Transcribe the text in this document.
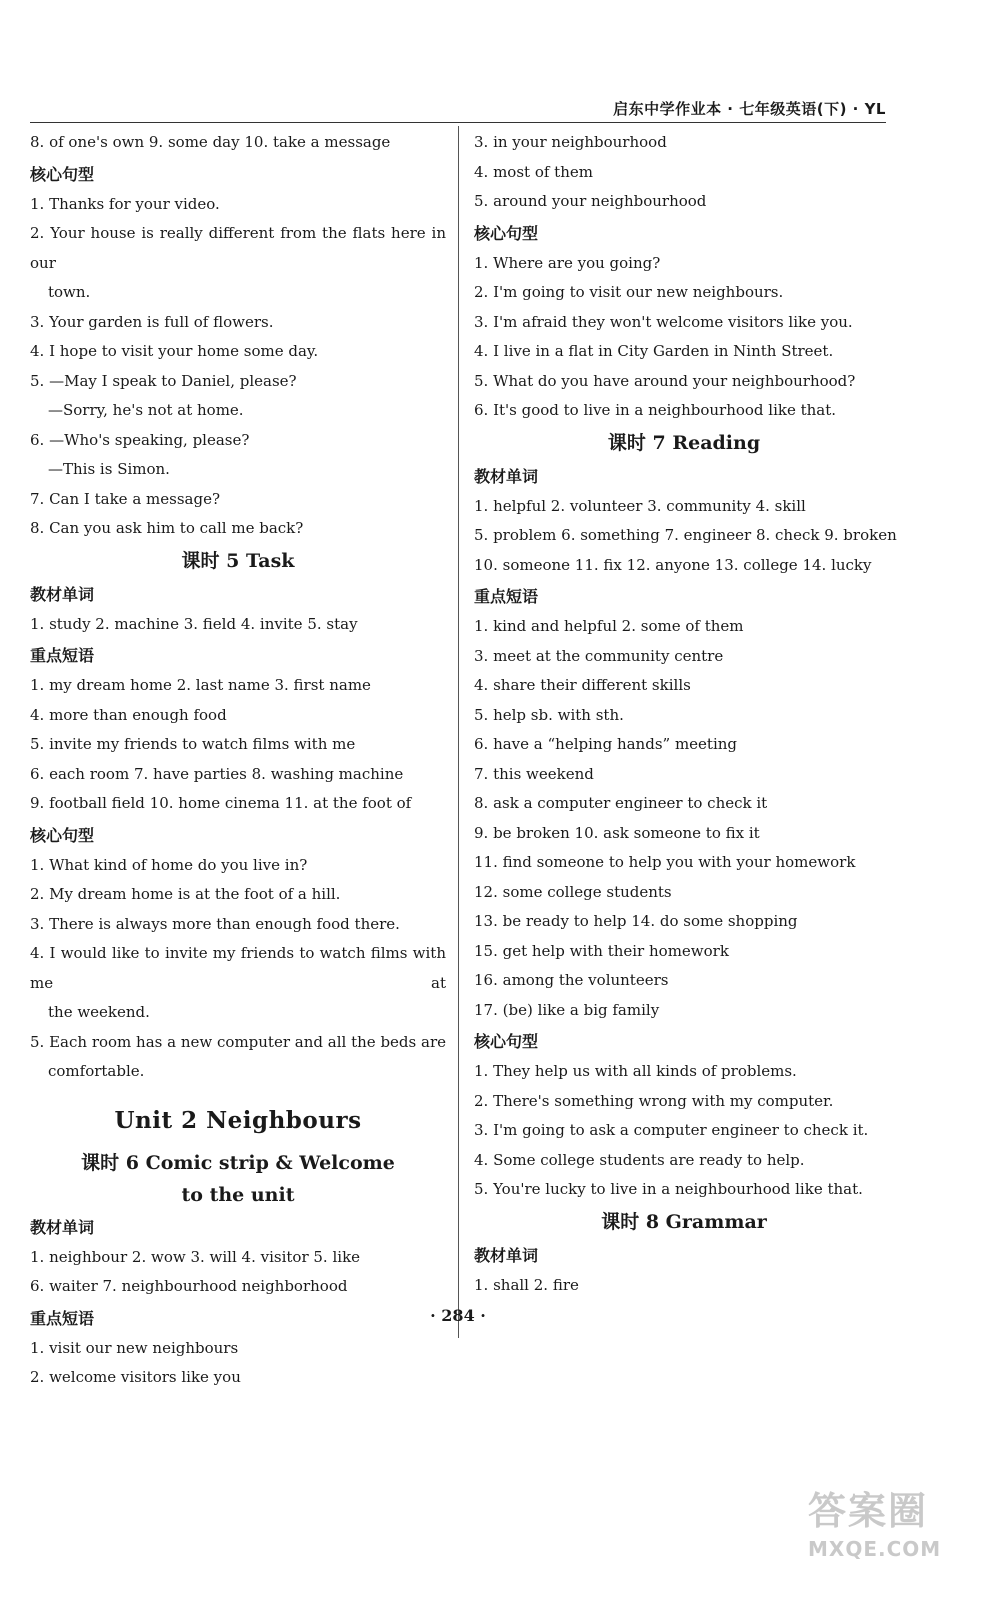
启东中学作业本 · 七年级英语(下) · YL
8. of one's own 9. some day 10. take a message
核心句型
1. Thanks for your video.
2. Your house is really different from the flats here in our
town.
3. Your garden is full of flowers.
4. I hope to visit your home some day.
5. —May I speak to Daniel, please?
—Sorry, he's not at home.
6. —Who's speaking, please?
—This is Simon.
7. Can I take a message?
8. Can you ask him to call me back?
课时 5 Task
教材单词
1. study 2. machine 3. field 4. invite 5. stay
重点短语
1. my dream home 2. last name 3. first name
4. more than enough food
5. invite my friends to watch films with me
6. each room 7. have parties 8. washing machine
9. football field 10. home cinema 11. at the foot of
核心句型
1. What kind of home do you live in?
2. My dream home is at the foot of a hill.
3. There is always more than enough food there.
4. I would like to invite my friends to watch films with me at
the weekend.
5. Each room has a new computer and all the beds are
comfortable.
Unit 2 Neighbours
课时 6 Comic strip & Welcome
to the unit
教材单词
1. neighbour 2. wow 3. will 4. visitor 5. like
6. waiter 7. neighbourhood neighborhood
重点短语
1. visit our new neighbours
2. welcome visitors like you
3. in your neighbourhood
4. most of them
5. around your neighbourhood
核心句型
1. Where are you going?
2. I'm going to visit our new neighbours.
3. I'm afraid they won't welcome visitors like you.
4. I live in a flat in City Garden in Ninth Street.
5. What do you have around your neighbourhood?
6. It's good to live in a neighbourhood like that.
课时 7 Reading
教材单词
1. helpful 2. volunteer 3. community 4. skill
5. problem 6. something 7. engineer 8. check 9. broken
10. someone 11. fix 12. anyone 13. college 14. lucky
重点短语
1. kind and helpful 2. some of them
3. meet at the community centre
4. share their different skills
5. help sb. with sth.
6. have a “helping hands” meeting
7. this weekend
8. ask a computer engineer to check it
9. be broken 10. ask someone to fix it
11. find someone to help you with your homework
12. some college students
13. be ready to help 14. do some shopping
15. get help with their homework
16. among the volunteers
17. (be) like a big family
核心句型
1. They help us with all kinds of problems.
2. There's something wrong with my computer.
3. I'm going to ask a computer engineer to check it.
4. Some college students are ready to help.
5. You're lucky to live in a neighbourhood like that.
课时 8 Grammar
教材单词
1. shall 2. fire
· 284 ·
答案圈
MXQE.COM
